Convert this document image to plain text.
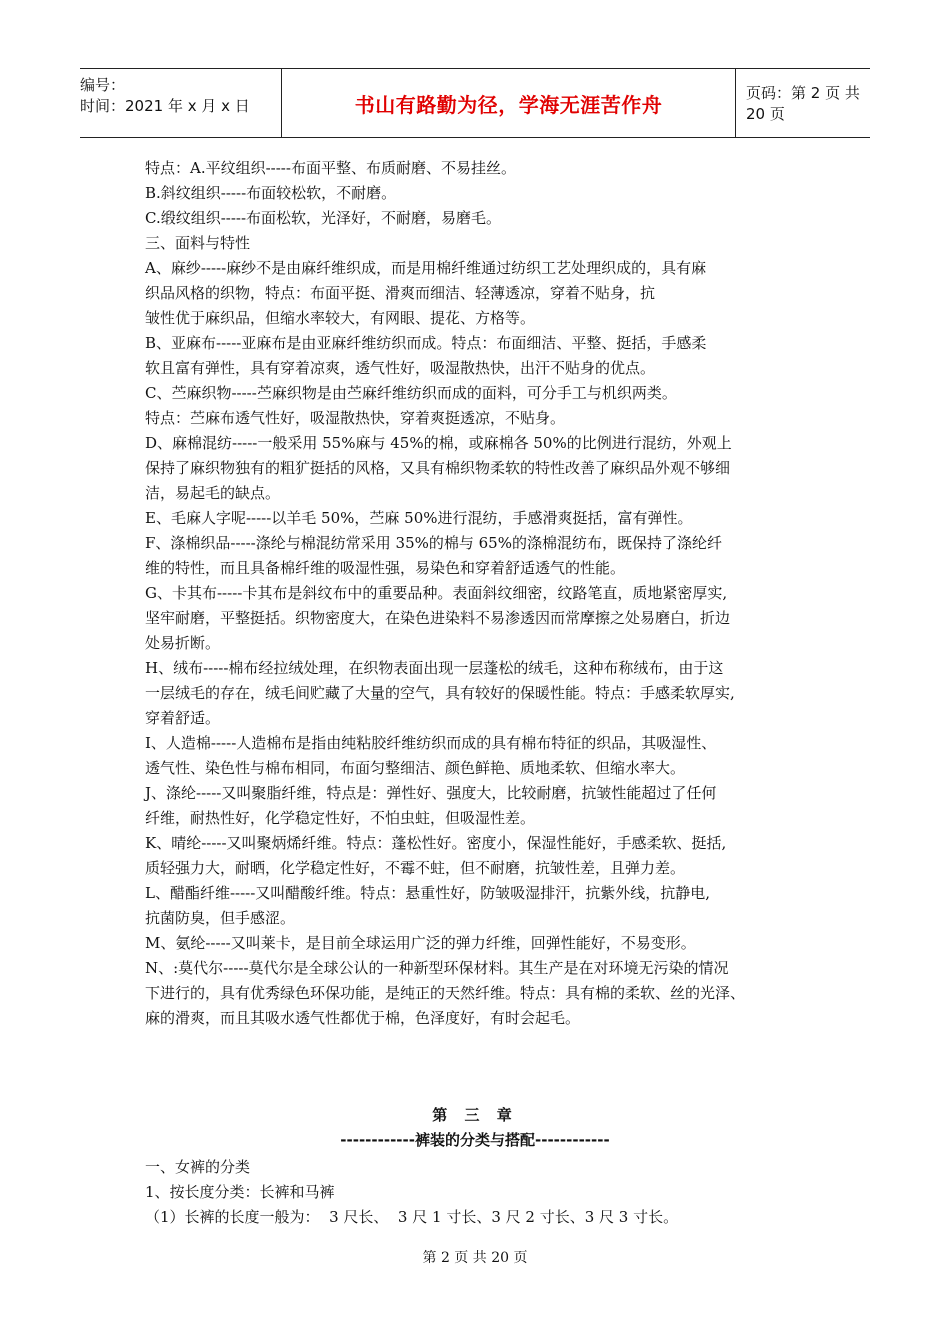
编号：
时间：2021 年 x 月 x 日	书山有路勤为径，学海无涯苦作舟	页码：第 2 页 共 20 页

特点：A.平纹组织-----布面平整、布质耐磨、不易挂丝。

B.斜纹组织-----布面较松软，不耐磨。

C.缎纹组织-----布面松软，光泽好，不耐磨，易磨毛。

三、面料与特性

A、麻纱-----麻纱不是由麻纤维织成，而是用棉纤维通过纺织工艺处理织成的，具有麻

织品风格的织物，特点：布面平挺、滑爽而细洁、轻薄透凉，穿着不贴身，抗

皱性优于麻织品，但缩水率较大，有网眼、提花、方格等。

B、亚麻布-----亚麻布是由亚麻纤维纺织而成。特点：布面细洁、平整、挺括，手感柔

软且富有弹性，具有穿着凉爽，透气性好，吸湿散热快，出汗不贴身的优点。

C、苎麻织物-----苎麻织物是由苎麻纤维纺织而成的面料，可分手工与机织两类。

特点：苎麻布透气性好，吸湿散热快，穿着爽挺透凉，不贴身。

D、麻棉混纺-----一般采用 55%麻与 45%的棉，或麻棉各 50%的比例进行混纺，外观上

保持了麻织物独有的粗犷挺括的风格，又具有棉织物柔软的特性改善了麻织品外观不够细

洁，易起毛的缺点。

E、毛麻人字呢-----以羊毛 50%，苎麻 50%进行混纺，手感滑爽挺括，富有弹性。

F、涤棉织品-----涤纶与棉混纺常采用 35%的棉与 65%的涤棉混纺布，既保持了涤纶纤

维的特性，而且具备棉纤维的吸湿性强，易染色和穿着舒适透气的性能。

G、卡其布-----卡其布是斜纹布中的重要品种。表面斜纹细密，纹路笔直，质地紧密厚实,

坚牢耐磨，平整挺括。织物密度大，在染色进染料不易渗透因而常摩擦之处易磨白，折边

处易折断。

H、绒布-----棉布经拉绒处理，在织物表面出现一层蓬松的绒毛，这种布称绒布，由于这

一层绒毛的存在，绒毛间贮藏了大量的空气，具有较好的保暖性能。特点：手感柔软厚实,

穿着舒适。

I、人造棉-----人造棉布是指由纯粘胶纤维纺织而成的具有棉布特征的织品，其吸湿性、

透气性、染色性与棉布相同，布面匀整细洁、颜色鲜艳、质地柔软、但缩水率大。

J、涤纶-----又叫聚脂纤维，特点是：弹性好、强度大，比较耐磨，抗皱性能超过了任何

纤维，耐热性好，化学稳定性好，不怕虫蛀，但吸湿性差。

K、晴纶-----又叫聚炳烯纤维。特点：蓬松性好。密度小，保湿性能好，手感柔软、挺括,

质轻强力大，耐晒，化学稳定性好，不霉不蛀，但不耐磨，抗皱性差，且弹力差。

L、醋酯纤维-----又叫醋酸纤维。特点：悬重性好，防皱吸湿排汗，抗紫外线，抗静电,

抗菌防臭，但手感涩。

M、氨纶-----又叫莱卡，是目前全球运用广泛的弹力纤维，回弹性能好，不易变形。

N、:莫代尔-----莫代尔是全球公认的一种新型环保材料。其生产是在对环境无污染的情况

下进行的，具有优秀绿色环保功能，是纯正的天然纤维。特点：具有棉的柔软、丝的光泽、

麻的滑爽，而且其吸水透气性都优于棉，色泽度好，有时会起毛。

第 三 章
------------裤装的分类与搭配------------

一、女裤的分类

1、按长度分类：长裤和马裤

（1）长裤的长度一般为：  3 尺长、  3 尺 1 寸长、3 尺 2 寸长、3 尺 3 寸长。

第 2 页 共 20 页
